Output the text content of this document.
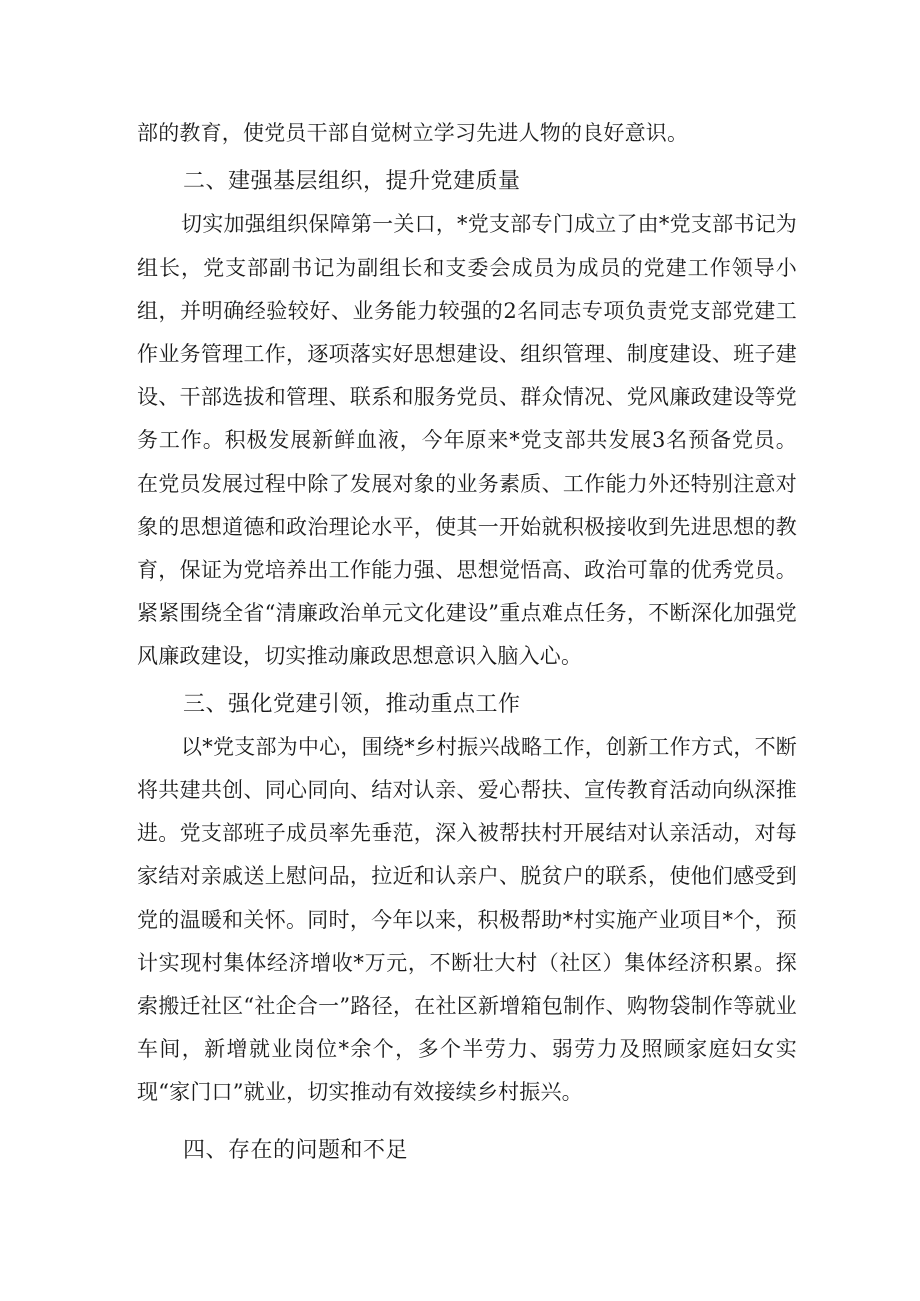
部的教育，使党员干部自觉树立学习先进人物的良好意识。

二、建强基层组织，提升党建质量

切实加强组织保障第一关口，*党支部专门成立了由*党支部书记为组长，党支部副书记为副组长和支委会成员为成员的党建工作领导小组，并明确经验较好、业务能力较强的2名同志专项负责党支部党建工作业务管理工作，逐项落实好思想建设、组织管理、制度建设、班子建设、干部选拔和管理、联系和服务党员、群众情况、党风廉政建设等党务工作。积极发展新鲜血液，今年原来*党支部共发展3名预备党员。在党员发展过程中除了发展对象的业务素质、工作能力外还特别注意对象的思想道德和政治理论水平，使其一开始就积极接收到先进思想的教育，保证为党培养出工作能力强、思想觉悟高、政治可靠的优秀党员。紧紧围绕全省“清廉政治单元文化建设”重点难点任务，不断深化加强党风廉政建设，切实推动廉政思想意识入脑入心。

三、强化党建引领，推动重点工作

以*党支部为中心，围绕*乡村振兴战略工作，创新工作方式，不断将共建共创、同心同向、结对认亲、爱心帮扶、宣传教育活动向纵深推进。党支部班子成员率先垂范，深入被帮扶村开展结对认亲活动，对每家结对亲戚送上慰问品，拉近和认亲户、脱贫户的联系，使他们感受到党的温暖和关怀。同时，今年以来，积极帮助*村实施产业项目*个，预计实现村集体经济增收*万元，不断壮大村（社区）集体经济积累。探索搬迁社区“社企合一”路径，在社区新增箱包制作、购物袋制作等就业车间，新增就业岗位*余个，多个半劳力、弱劳力及照顾家庭妇女实现“家门口”就业，切实推动有效接续乡村振兴。

四、存在的问题和不足
